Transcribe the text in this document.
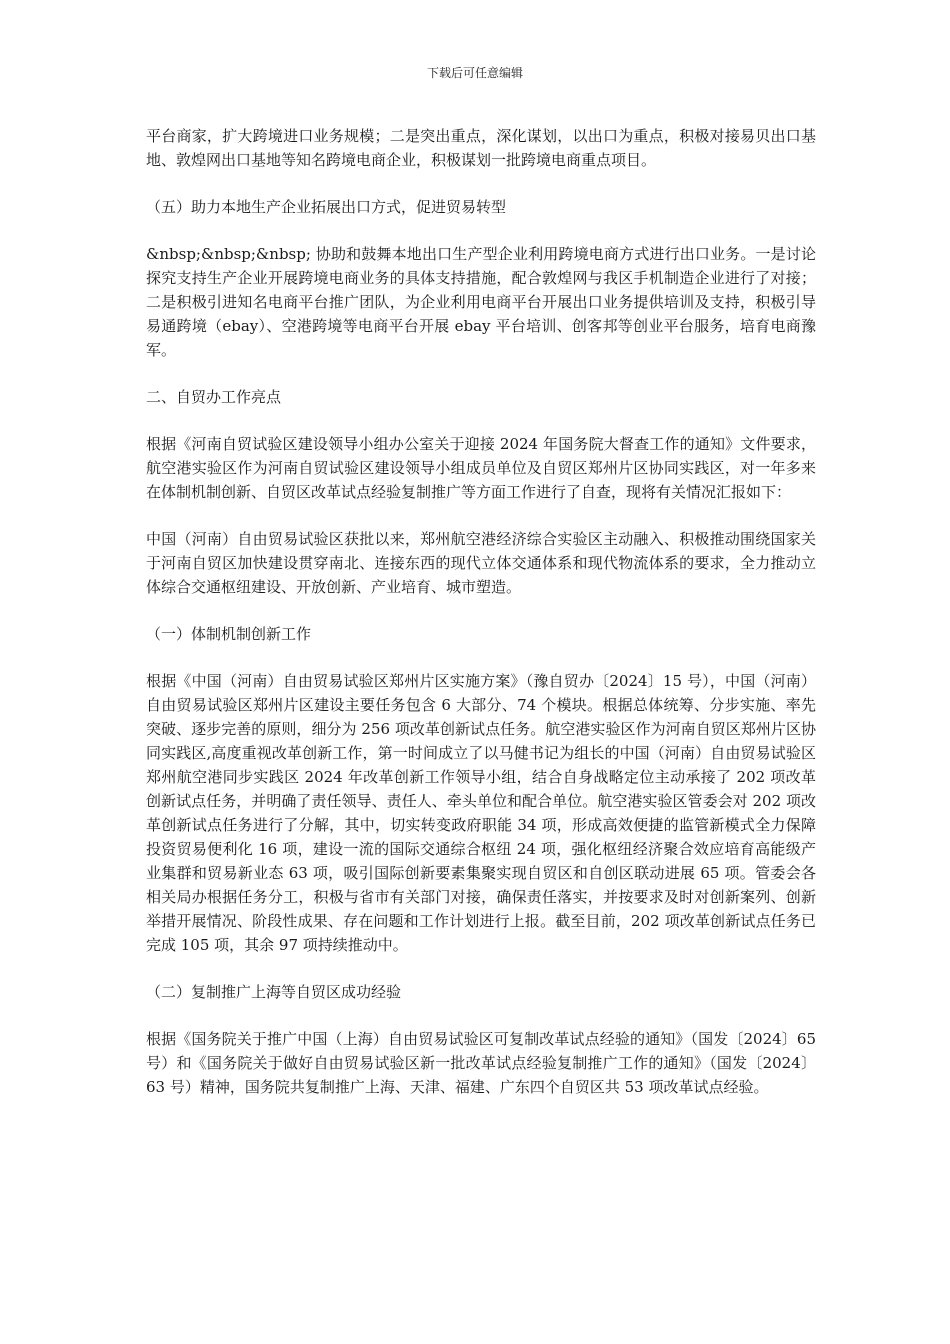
下载后可任意编辑

平台商家，扩大跨境进口业务规模；二是突出重点，深化谋划，以出口为重点，积极对接易贝出口基地、敦煌网出口基地等知名跨境电商企业，积极谋划一批跨境电商重点项目。

（五）助力本地生产企业拓展出口方式，促进贸易转型

&nbsp;&nbsp;&nbsp; 协助和鼓舞本地出口生产型企业利用跨境电商方式进行出口业务。一是讨论探究支持生产企业开展跨境电商业务的具体支持措施，配合敦煌网与我区手机制造企业进行了对接；二是积极引进知名电商平台推广团队，为企业利用电商平台开展出口业务提供培训及支持，积极引导易通跨境（ebay）、空港跨境等电商平台开展 ebay 平台培训、创客邦等创业平台服务，培育电商豫军。

二、自贸办工作亮点

根据《河南自贸试验区建设领导小组办公室关于迎接 2024 年国务院大督查工作的通知》文件要求，航空港实验区作为河南自贸试验区建设领导小组成员单位及自贸区郑州片区协同实践区，对一年多来在体制机制创新、自贸区改革试点经验复制推广等方面工作进行了自查，现将有关情况汇报如下：

中国（河南）自由贸易试验区获批以来，郑州航空港经济综合实验区主动融入、积极推动围绕国家关于河南自贸区加快建设贯穿南北、连接东西的现代立体交通体系和现代物流体系的要求，全力推动立体综合交通枢纽建设、开放创新、产业培育、城市塑造。

（一）体制机制创新工作

根据《中国（河南）自由贸易试验区郑州片区实施方案》（豫自贸办〔2024〕15 号），中国（河南）自由贸易试验区郑州片区建设主要任务包含 6 大部分、74 个模块。根据总体统筹、分步实施、率先突破、逐步完善的原则，细分为 256 项改革创新试点任务。航空港实验区作为河南自贸区郑州片区协同实践区,高度重视改革创新工作，第一时间成立了以马健书记为组长的中国（河南）自由贸易试验区郑州航空港同步实践区 2024 年改革创新工作领导小组，结合自身战略定位主动承接了 202 项改革创新试点任务，并明确了责任领导、责任人、牵头单位和配合单位。航空港实验区管委会对 202 项改革创新试点任务进行了分解，其中，切实转变政府职能 34 项，形成高效便捷的监管新模式全力保障投资贸易便利化 16 项，建设一流的国际交通综合枢纽 24 项，强化枢纽经济聚合效应培育高能级产业集群和贸易新业态 63 项，吸引国际创新要素集聚实现自贸区和自创区联动进展 65 项。管委会各相关局办根据任务分工，积极与省市有关部门对接，确保责任落实，并按要求及时对创新案列、创新举措开展情况、阶段性成果、存在问题和工作计划进行上报。截至目前，202 项改革创新试点任务已完成 105 项，其余 97 项持续推动中。

（二）复制推广上海等自贸区成功经验

根据《国务院关于推广中国（上海）自由贸易试验区可复制改革试点经验的通知》（国发〔2024〕65 号）和《国务院关于做好自由贸易试验区新一批改革试点经验复制推广工作的通知》（国发〔2024〕63 号）精神，国务院共复制推广上海、天津、福建、广东四个自贸区共 53 项改革试点经验。
